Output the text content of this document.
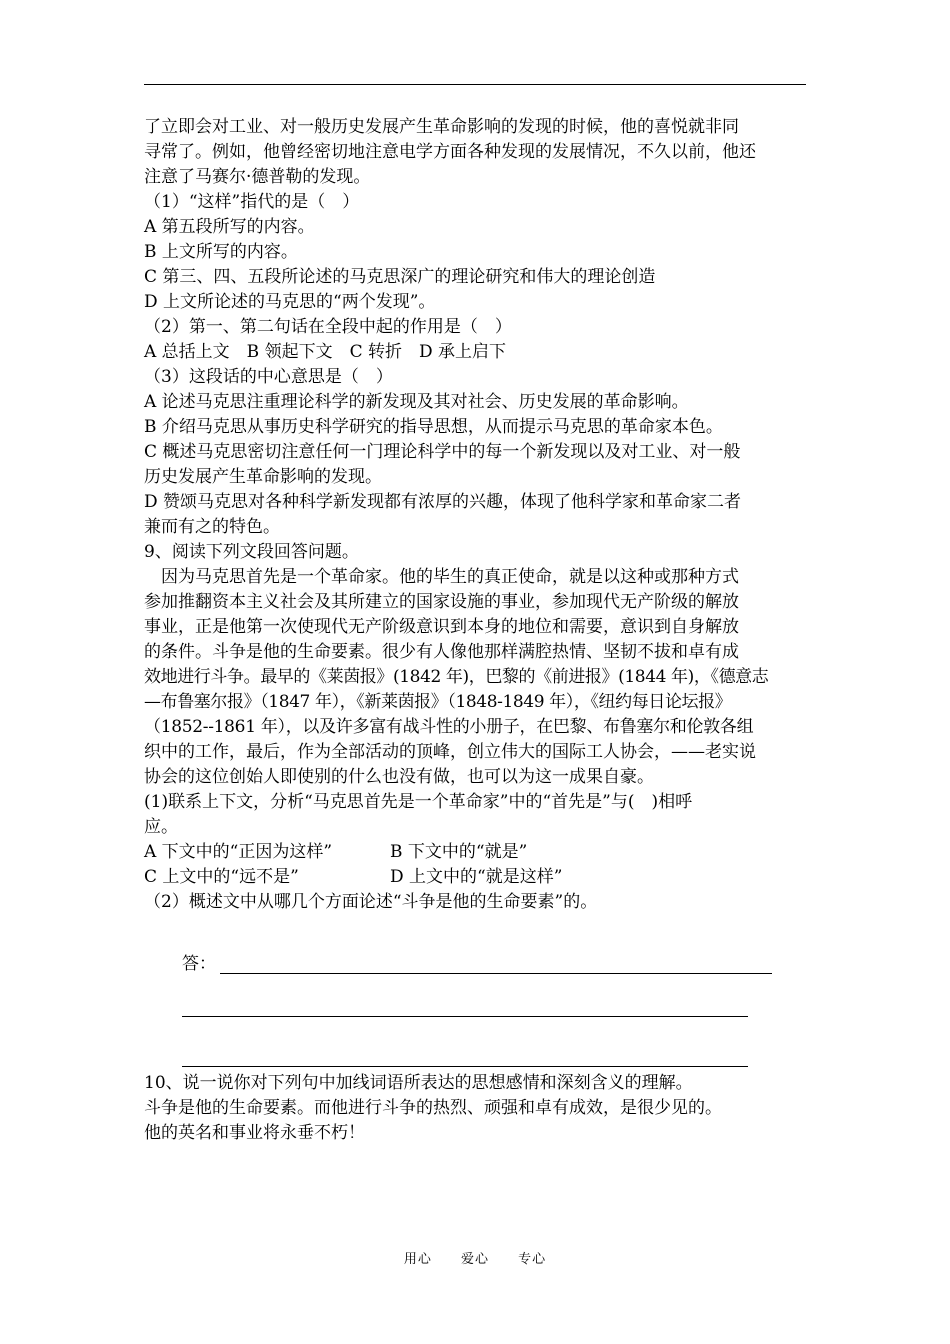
了立即会对工业、对一般历史发展产生革命影响的发现的时候，他的喜悦就非同
寻常了。例如，他曾经密切地注意电学方面各种发现的发展情况，不久以前，他还
注意了马赛尔·德普勒的发现。
（1）“这样”指代的是（　）
A 第五段所写的内容。
B 上文所写的内容。
C 第三、四、五段所论述的马克思深广的理论研究和伟大的理论创造
D 上文所论述的马克思的“两个发现”。
（2）第一、第二句话在全段中起的作用是（　）
A 总括上文　B 领起下文　C 转折　D 承上启下
（3）这段话的中心意思是（　）
A 论述马克思注重理论科学的新发现及其对社会、历史发展的革命影响。
B 介绍马克思从事历史科学研究的指导思想，从而提示马克思的革命家本色。
C 概述马克思密切注意任何一门理论科学中的每一个新发现以及对工业、对一般
历史发展产生革命影响的发现。
D 赞颂马克思对各种科学新发现都有浓厚的兴趣，体现了他科学家和革命家二者
兼而有之的特色。
9、阅读下列文段回答问题。
　因为马克思首先是一个革命家。他的毕生的真正使命，就是以这种或那种方式
参加推翻资本主义社会及其所建立的国家设施的事业，参加现代无产阶级的解放
事业，正是他第一次使现代无产阶级意识到本身的地位和需要，意识到自身解放
的条件。斗争是他的生命要素。很少有人像他那样满腔热情、坚韧不拔和卓有成
效地进行斗争。最早的《莱茵报》(1842 年)，巴黎的《前进报》(1844 年)，《德意志
—布鲁塞尔报》（1847 年），《新莱茵报》（1848-1849 年），《纽约每日论坛报》
（1852--1861 年），以及许多富有战斗性的小册子，在巴黎、布鲁塞尔和伦敦各组
织中的工作，最后，作为全部活动的顶峰，创立伟大的国际工人协会，——老实说
协会的这位创始人即使别的什么也没有做，也可以为这一成果自豪。
(1)联系上下文，分析“马克思首先是一个革命家”中的“首先是”与(　)相呼
应。
A 下文中的“正因为这样”	B 下文中的“就是”
C 上文中的“远不是”	D 上文中的“就是这样”
（2）概述文中从哪几个方面论述“斗争是他的生命要素”的。
答：
10、说一说你对下列句中加线词语所表达的思想感情和深刻含义的理解。
斗争是他的生命要素。而他进行斗争的热烈、顽强和卓有成效，是很少见的。
他的英名和事业将永垂不朽！
用心 爱心 专心
